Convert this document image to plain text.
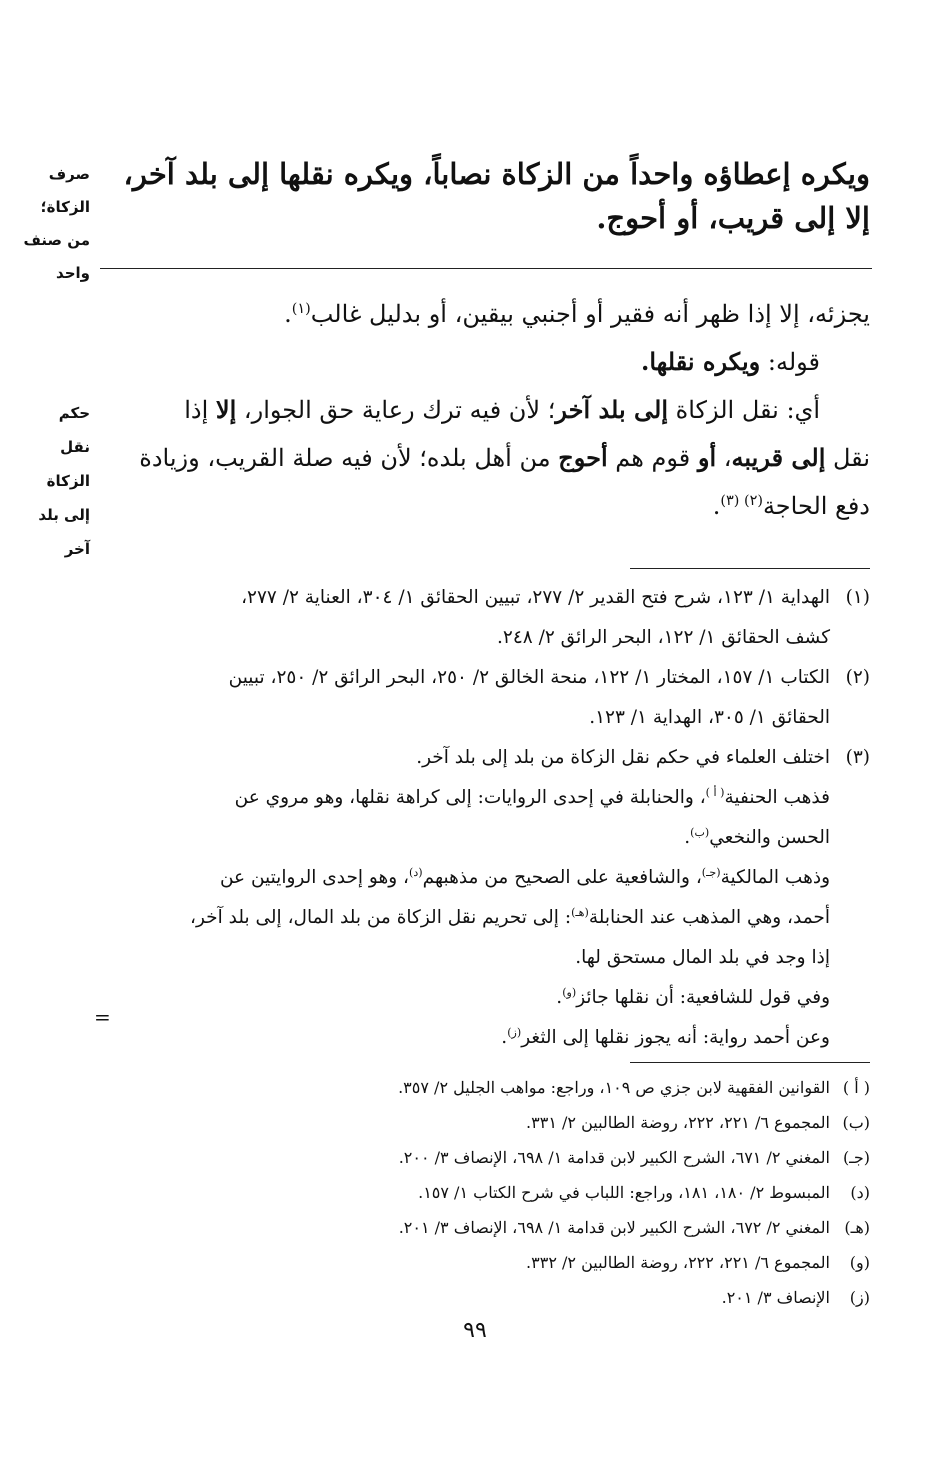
صرف
الزكاة؛
من صنف
واحد
حكم
نقل
الزكاة
إلى بلد
آخر
ويكره إعطاؤه واحداً من الزكاة نصاباً، ويكره نقلها إلى بلد آخر،
إلا إلى قريب، أو أحوج.
يجزئه، إلا إذا ظهر أنه فقير أو أجنبي بيقين، أو بدليل غالب$^{(١)}$.
قوله: ويكره نقلها.
أي: نقل الزكاة إلى بلد آخر؛ لأن فيه ترك رعاية حق الجوار، إلا إذا
نقل إلى قريبه، أو قوم هم أحوج من أهل بلده؛ لأن فيه صلة القريب، وزيادة
دفع الحاجة$^{(٢) (٣)}$.
(١)الهداية ١/ ١٢٣، شرح فتح القدير ٢/ ٢٧٧، تبيين الحقائق ١/ ٣٠٤، العناية ٢/ ٢٧٧،
كشف الحقائق ١/ ١٢٢، البحر الرائق ٢/ ٢٤٨.
(٢)الكتاب ١/ ١٥٧، المختار ١/ ١٢٢، منحة الخالق ٢/ ٢٥٠، البحر الرائق ٢/ ٢٥٠، تبيين
الحقائق ١/ ٣٠٥، الهداية ١/ ١٢٣.
(٣)اختلف العلماء في حكم نقل الزكاة من بلد إلى بلد آخر.
فذهب الحنفية$^{( أ )}$، والحنابلة في إحدى الروايات: إلى كراهة نقلها، وهو مروي عن
الحسن والنخعي$^{(ب)}$.
وذهب المالكية$^{(جـ)}$، والشافعية على الصحيح من مذهبهم$^{(د)}$، وهو إحدى الروايتين عن
أحمد، وهي المذهب عند الحنابلة$^{(هـ)}$: إلى تحريم نقل الزكاة من بلد المال، إلى بلد آخر،
إذا وجد في بلد المال مستحق لها.
وفي قول للشافعية: أن نقلها جائز$^{(و)}$.
وعن أحمد رواية: أنه يجوز نقلها إلى الثغر$^{(ز)}$.
=
( أ )القوانين الفقهية لابن جزي ص ١٠٩، وراجع: مواهب الجليل ٢/ ٣٥٧.
(ب)المجموع ٦/ ٢٢١، ٢٢٢، روضة الطالبين ٢/ ٣٣١.
(جـ)المغني ٢/ ٦٧١، الشرح الكبير لابن قدامة ١/ ٦٩٨، الإنصاف ٣/ ٢٠٠.
(د)المبسوط ٢/ ١٨٠، ١٨١، وراجع: اللباب في شرح الكتاب ١/ ١٥٧.
(هـ)المغني ٢/ ٦٧٢، الشرح الكبير لابن قدامة ١/ ٦٩٨، الإنصاف ٣/ ٢٠١.
(و)المجموع ٦/ ٢٢١، ٢٢٢، روضة الطالبين ٢/ ٣٣٢.
(ز)الإنصاف ٣/ ٢٠١.
٩٩
